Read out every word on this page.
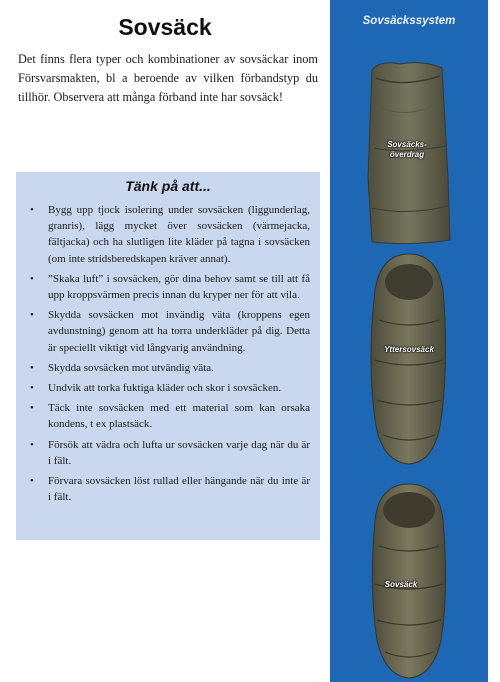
Sovsäck

Det finns flera typer och kombinationer av sovsäckar inom Försvarsmakten, bl a beroende av vilken förbandstyp du tillhör. Observera att många förband inte har sovsäck!

Tänk på att...
• Bygg upp tjock isolering under sovsäcken (liggunderlag, granris), lägg mycket över sovsäcken (värmejacka, fältjacka) och ha slutligen lite kläder på tagna i sovsäcken (om inte stridsberedskapen kräver annat).
• ”Skaka luft” i sovsäcken, gör dina behov samt se till att få upp kroppsvärmen precis innan du kryper ner för att vila.
• Skydda sovsäcken mot invändig väta (kroppens egen avdunstning) genom att ha torra underkläder på dig. Detta är speciellt viktigt vid långvarig användning.
• Skydda sovsäcken mot utvändig väta.
• Undvik att torka fuktiga kläder och skor i sovsäcken.
• Täck inte sovsäcken med ett material som kan orsaka kondens, t ex plastsäck.
• Försök att vädra och lufta ur sovsäcken varje dag när du är i fält.
• Förvara sovsäcken löst rullad eller hängande när du inte är i fält.
Sovsäckssystem
Sovsäcks-
överdrag
Yttersovsäck
Sovsäck
